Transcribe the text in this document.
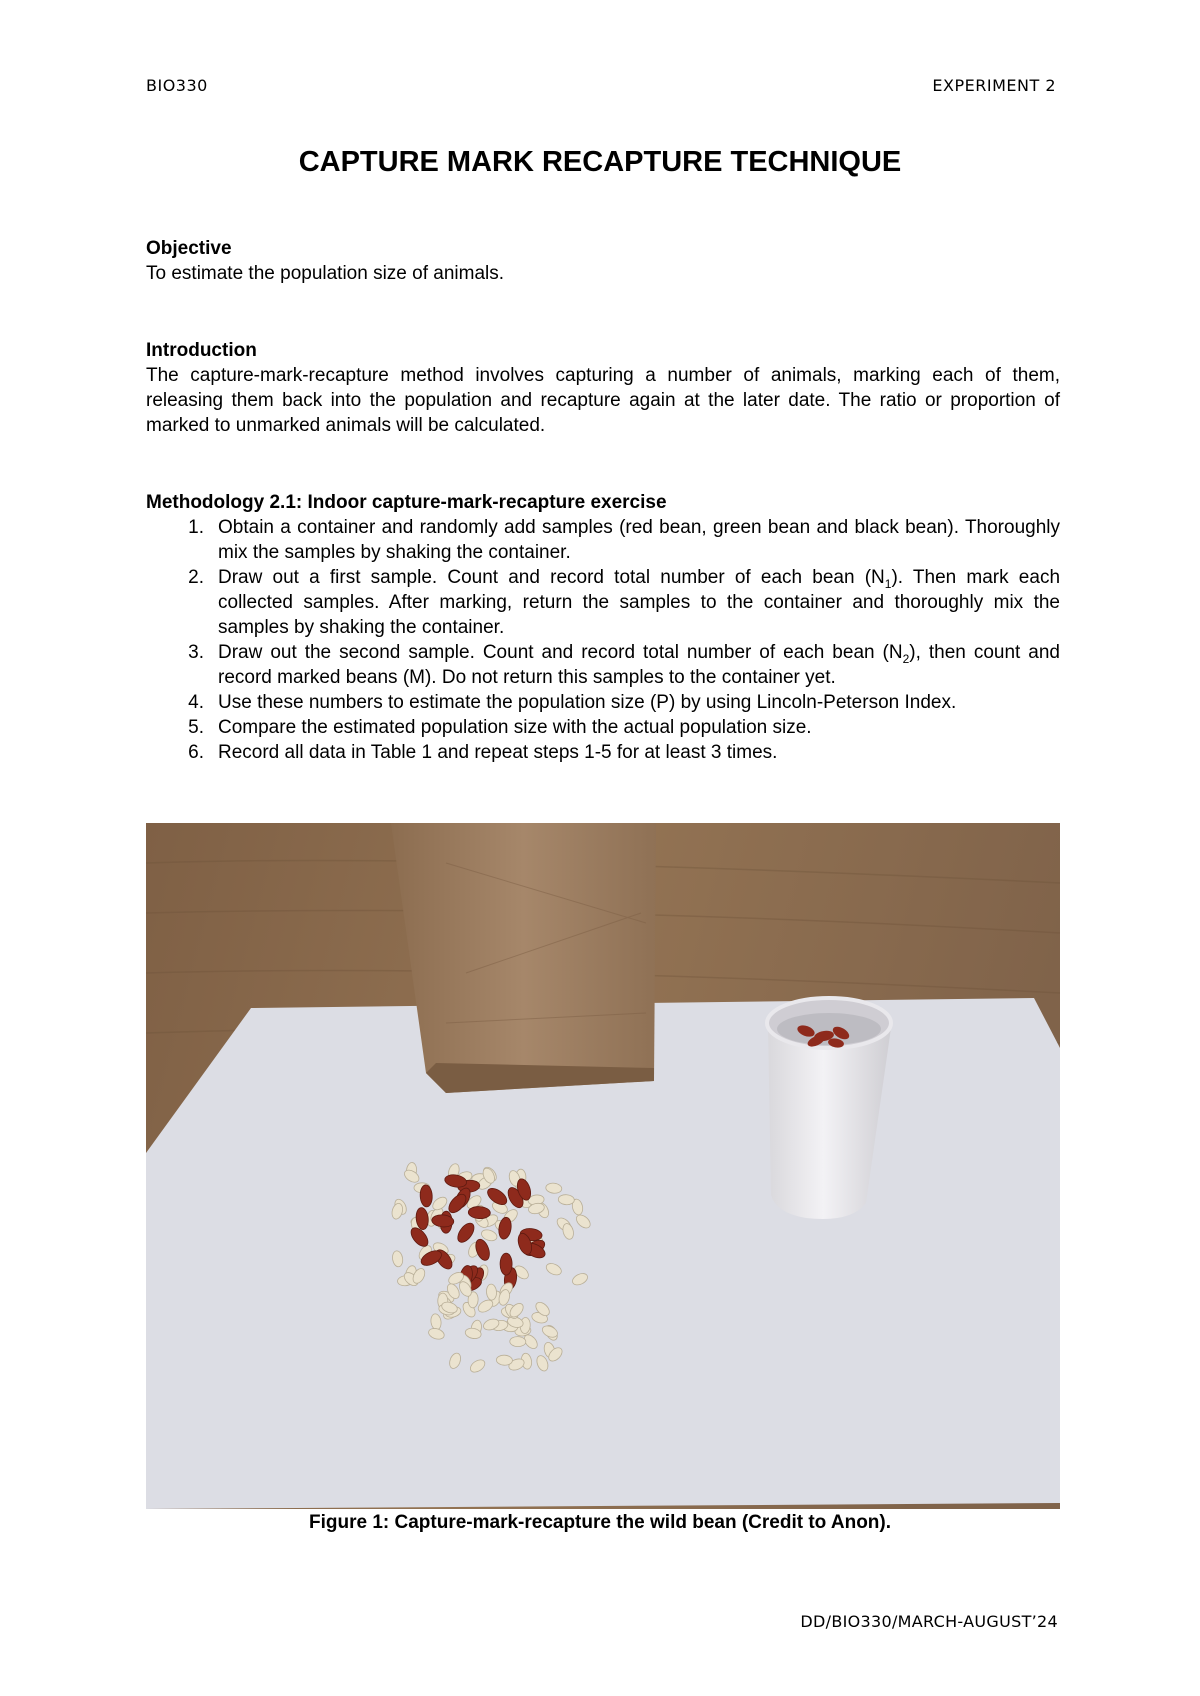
BIO330	EXPERIMENT 2
CAPTURE MARK RECAPTURE TECHNIQUE
Objective
To estimate the population size of animals.
Introduction

The capture-mark-recapture method involves capturing a number of animals, marking each of them, releasing them back into the population and recapture again at the later date. The ratio or proportion of marked to unmarked animals will be calculated.

Methodology 2.1: Indoor capture-mark-recapture exercise
1. Obtain a container and randomly add samples (red bean, green bean and black bean). Thoroughly mix the samples by shaking the container.
2. Draw out a first sample. Count and record total number of each bean $(N_1)$. Then mark each collected samples. After marking, return the samples to the container and thoroughly mix the samples by shaking the container.
3. Draw out the second sample. Count and record total number of each bean $(N_2)$, then count and record marked beans (M). Do not return this samples to the container yet.
4. Use these numbers to estimate the population size (P) by using Lincoln-Peterson Index.
5. Compare the estimated population size with the actual population size.
6. Record all data in Table 1 and repeat steps 1-5 for at least 3 times.
Figure 1: Capture-mark-recapture the wild bean (Credit to Anon).
DD/BIO330/MARCH-AUGUST’24
